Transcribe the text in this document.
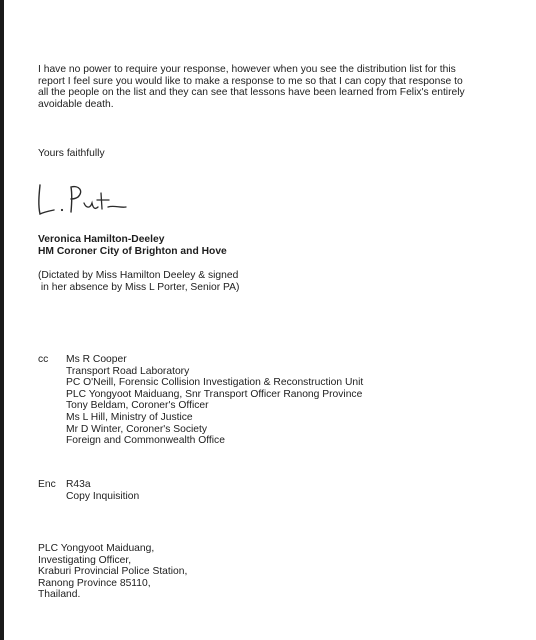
I have no power to require your response, however when you see the distribution list for this
report I feel sure you would like to make a response to me so that I can copy that response to
all the people on the list and they can see that lessons have been learned from Felix's entirely
avoidable death.
Yours faithfully
Veronica Hamilton-Deeley
HM Coroner City of Brighton and Hove
(Dictated by Miss Hamilton Deeley & signed
in her absence by Miss L Porter, Senior PA)
cc	Ms R Cooper
Transport Road Laboratory
PC O'Neill, Forensic Collision Investigation & Reconstruction Unit
PLC Yongyoot Maiduang, Snr Transport Officer Ranong Province
Tony Beldam, Coroner's Officer
Ms L Hill, Ministry of Justice
Mr D Winter, Coroner's Society
Foreign and Commonwealth Office
Enc R43a
Copy Inquisition
PLC Yongyoot Maiduang,
Investigating Officer,
Kraburi Provincial Police Station,
Ranong Province 85110,
Thailand.
